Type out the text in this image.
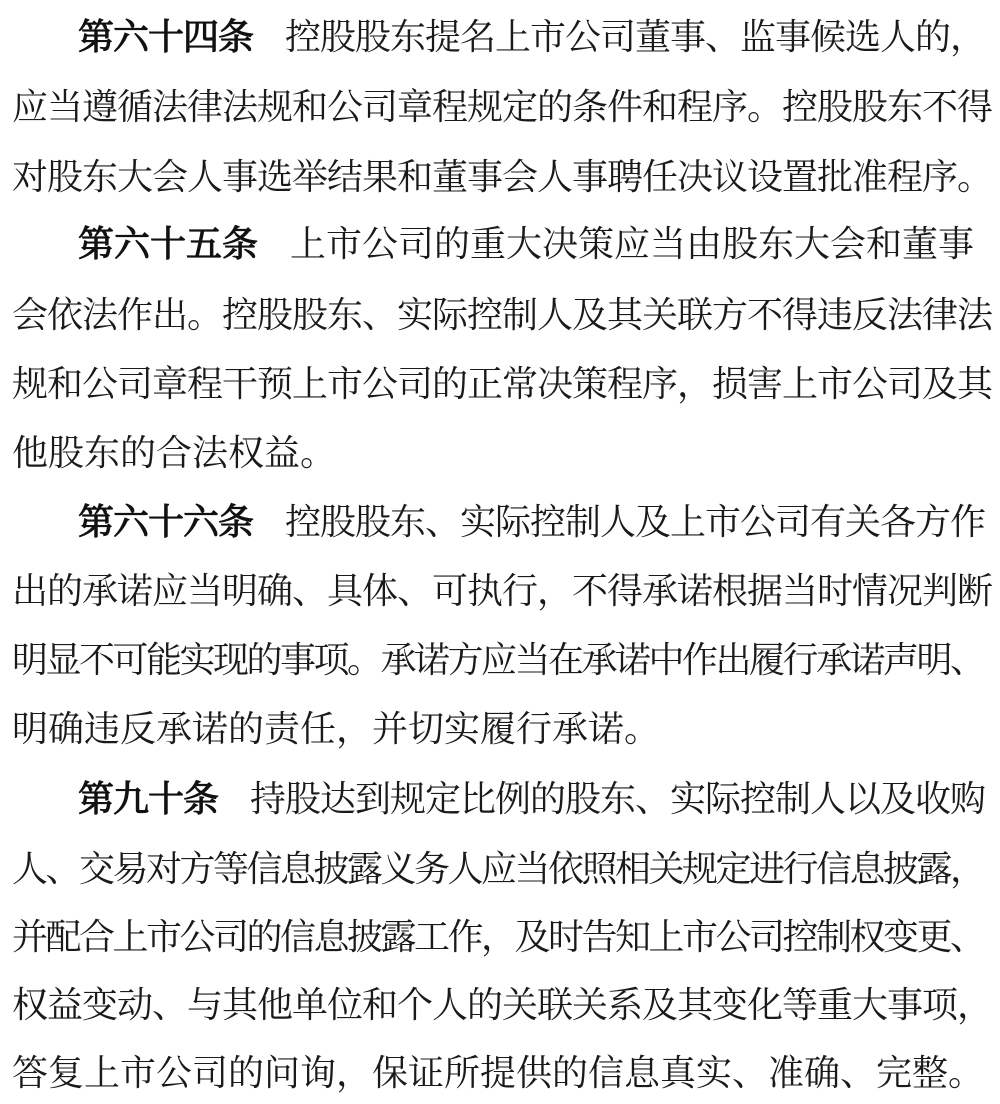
第六十四条 控股股东提名上市公司董事、监事候选人的，
应当遵循法律法规和公司章程规定的条件和程序。控股股东不得
对股东大会人事选举结果和董事会人事聘任决议设置批准程序。
第六十五条 上市公司的重大决策应当由股东大会和董事
会依法作出。控股股东、实际控制人及其关联方不得违反法律法
规和公司章程干预上市公司的正常决策程序，损害上市公司及其
他股东的合法权益。
第六十六条 控股股东、实际控制人及上市公司有关各方作
出的承诺应当明确、具体、可执行，不得承诺根据当时情况判断
明显不可能实现的事项。承诺方应当在承诺中作出履行承诺声明、
明确违反承诺的责任，并切实履行承诺。
第九十条 持股达到规定比例的股东、实际控制人以及收购
人、交易对方等信息披露义务人应当依照相关规定进行信息披露，
并配合上市公司的信息披露工作，及时告知上市公司控制权变更、
权益变动、与其他单位和个人的关联关系及其变化等重大事项，
答复上市公司的问询，保证所提供的信息真实、准确、完整。
